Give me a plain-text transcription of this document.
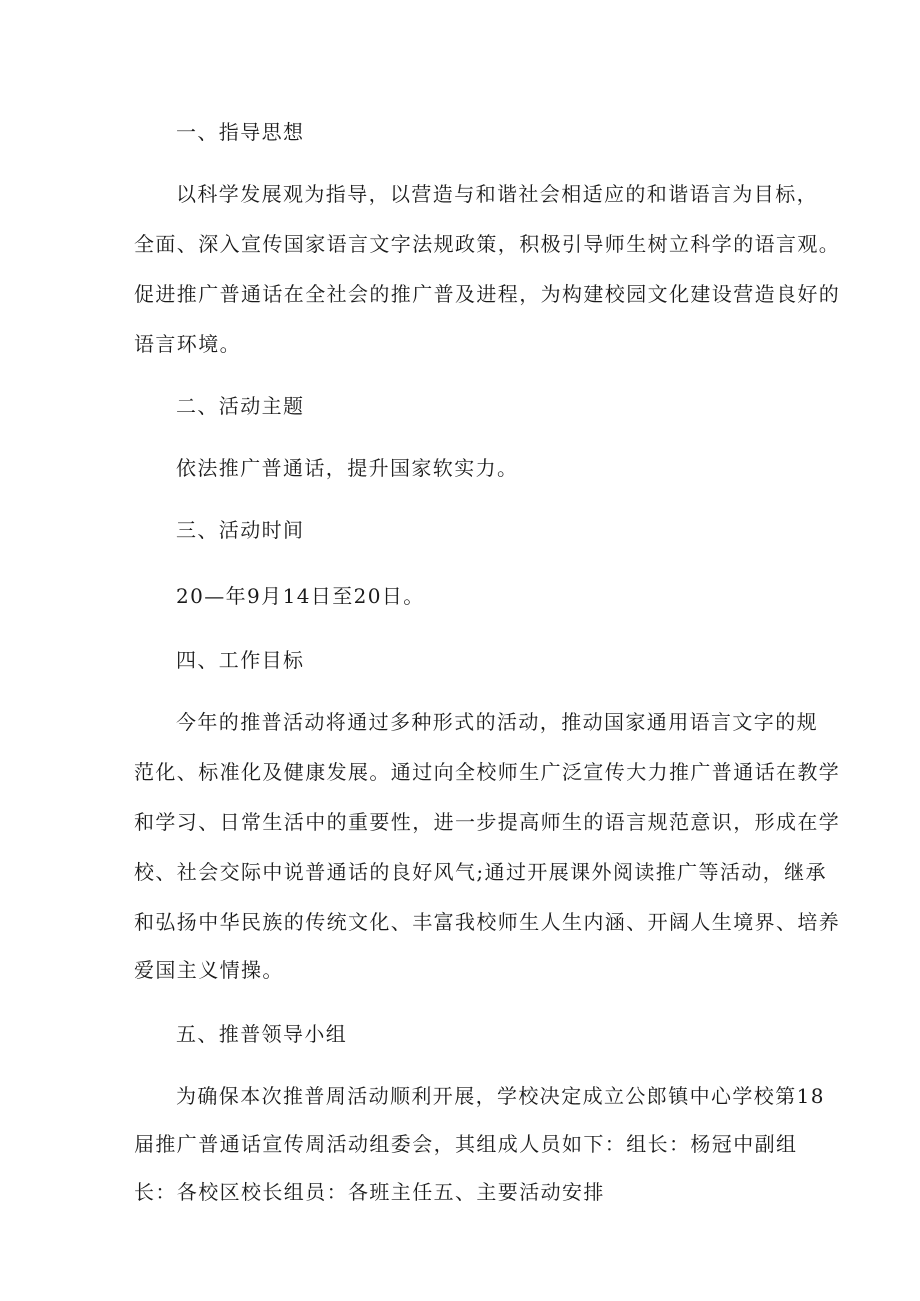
一、指导思想
以科学发展观为指导，以营造与和谐社会相适应的和谐语言为目标，
全面、深入宣传国家语言文字法规政策，积极引导师生树立科学的语言观。
促进推广普通话在全社会的推广普及进程，为构建校园文化建设营造良好的
语言环境。
二、活动主题
依法推广普通话，提升国家软实力。
三、活动时间
20—年9月14日至20日。
四、工作目标
今年的推普活动将通过多种形式的活动，推动国家通用语言文字的规
范化、标准化及健康发展。通过向全校师生广泛宣传大力推广普通话在教学
和学习、日常生活中的重要性，进一步提高师生的语言规范意识，形成在学
校、社会交际中说普通话的良好风气;通过开展课外阅读推广等活动，继承
和弘扬中华民族的传统文化、丰富我校师生人生内涵、开阔人生境界、培养
爱国主义情操。
五、推普领导小组
为确保本次推普周活动顺利开展，学校决定成立公郎镇中心学校第18
届推广普通话宣传周活动组委会，其组成人员如下：组长：杨冠中副组
长：各校区校长组员：各班主任五、主要活动安排
